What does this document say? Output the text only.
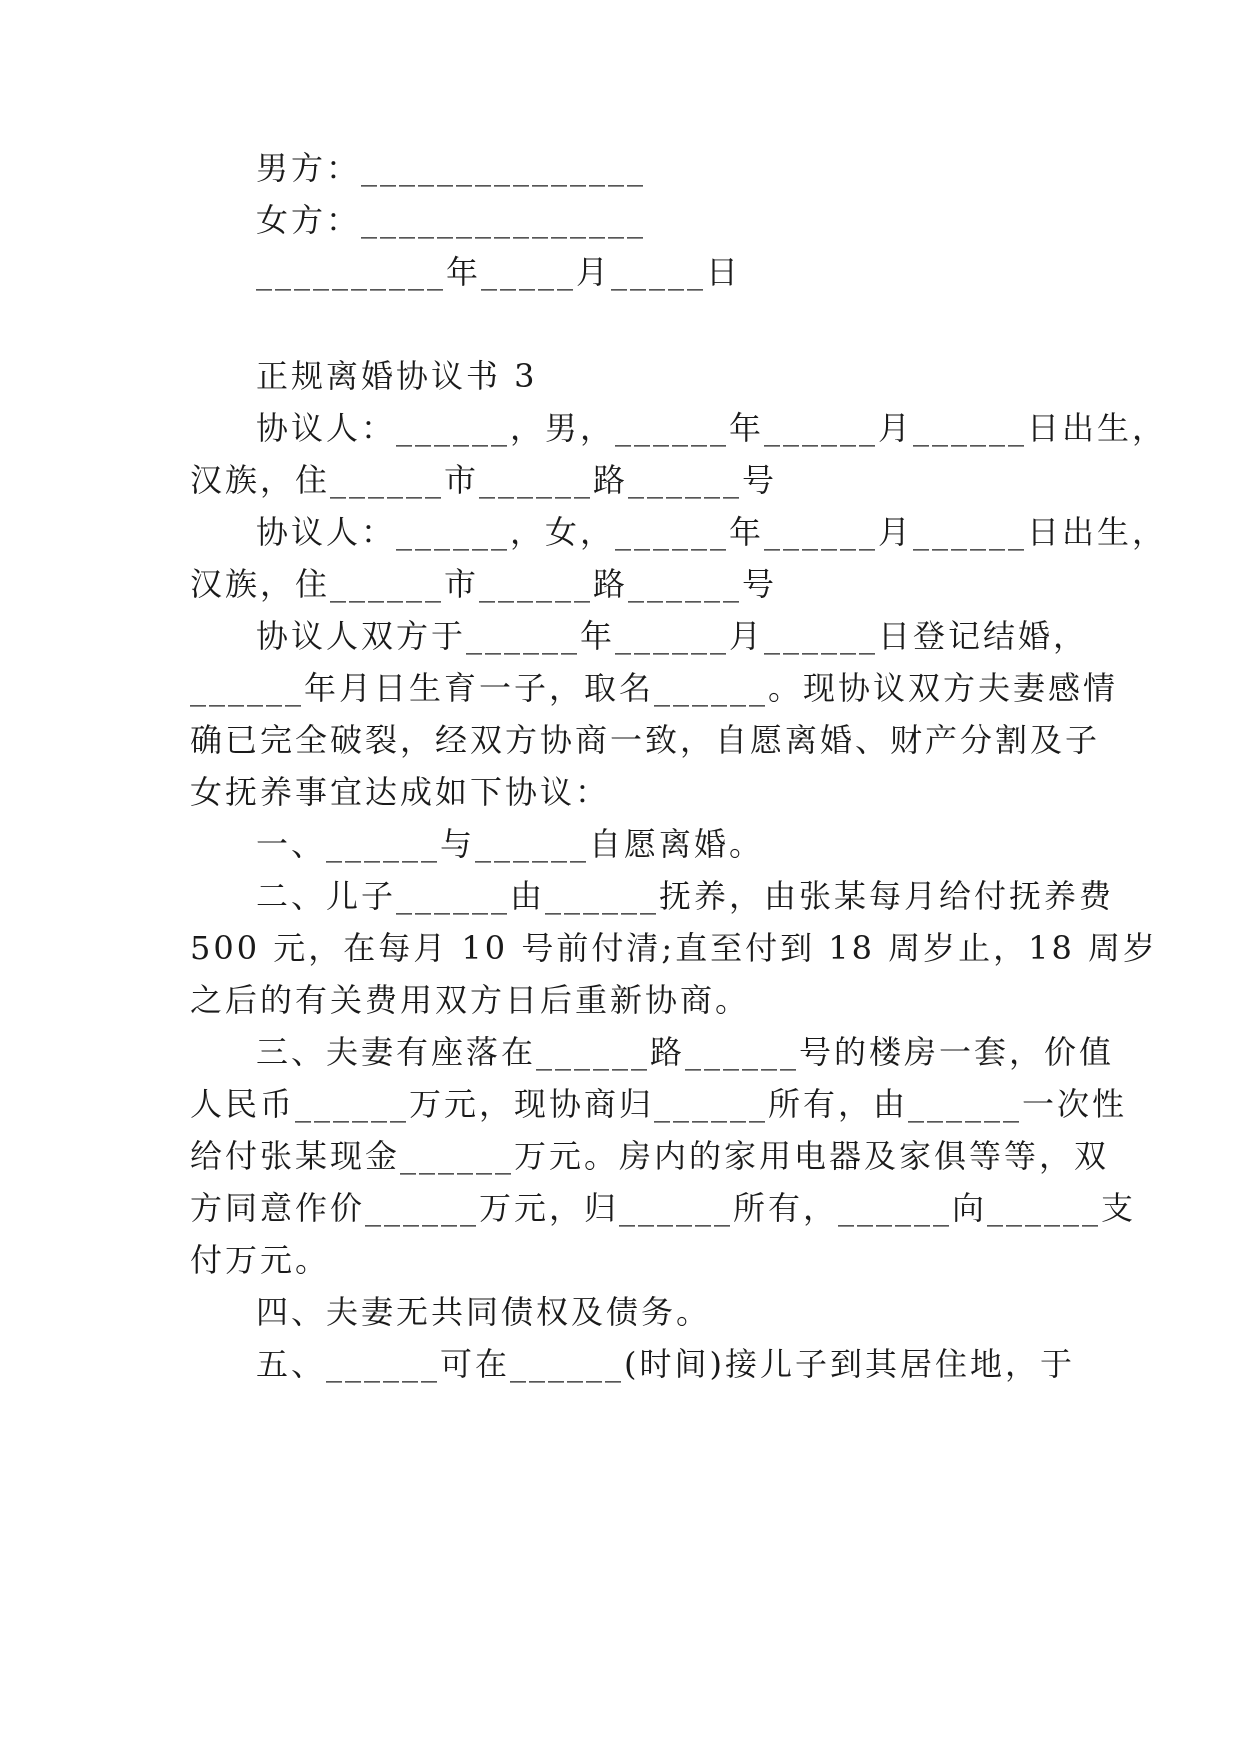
男方：_______________
女方：_______________
__________年_____月_____日
正规离婚协议书 3
协议人：______，男，______年______月______日出生，
汉族，住______市______路______号
协议人：______，女，______年______月______日出生，
汉族，住______市______路______号
协议人双方于______年______月______日登记结婚，
______年月日生育一子，取名______。现协议双方夫妻感情
确已完全破裂，经双方协商一致，自愿离婚、财产分割及子
女抚养事宜达成如下协议：
一、______与______自愿离婚。
二、儿子______由______抚养，由张某每月给付抚养费
500 元，在每月 10 号前付清;直至付到 18 周岁止，18 周岁
之后的有关费用双方日后重新协商。
三、夫妻有座落在______路______号的楼房一套，价值
人民币______万元，现协商归______所有，由______一次性
给付张某现金______万元。房内的家用电器及家俱等等，双
方同意作价______万元，归______所有，______向______支
付万元。
四、夫妻无共同债权及债务。
五、______可在______(时间)接儿子到其居住地，于
